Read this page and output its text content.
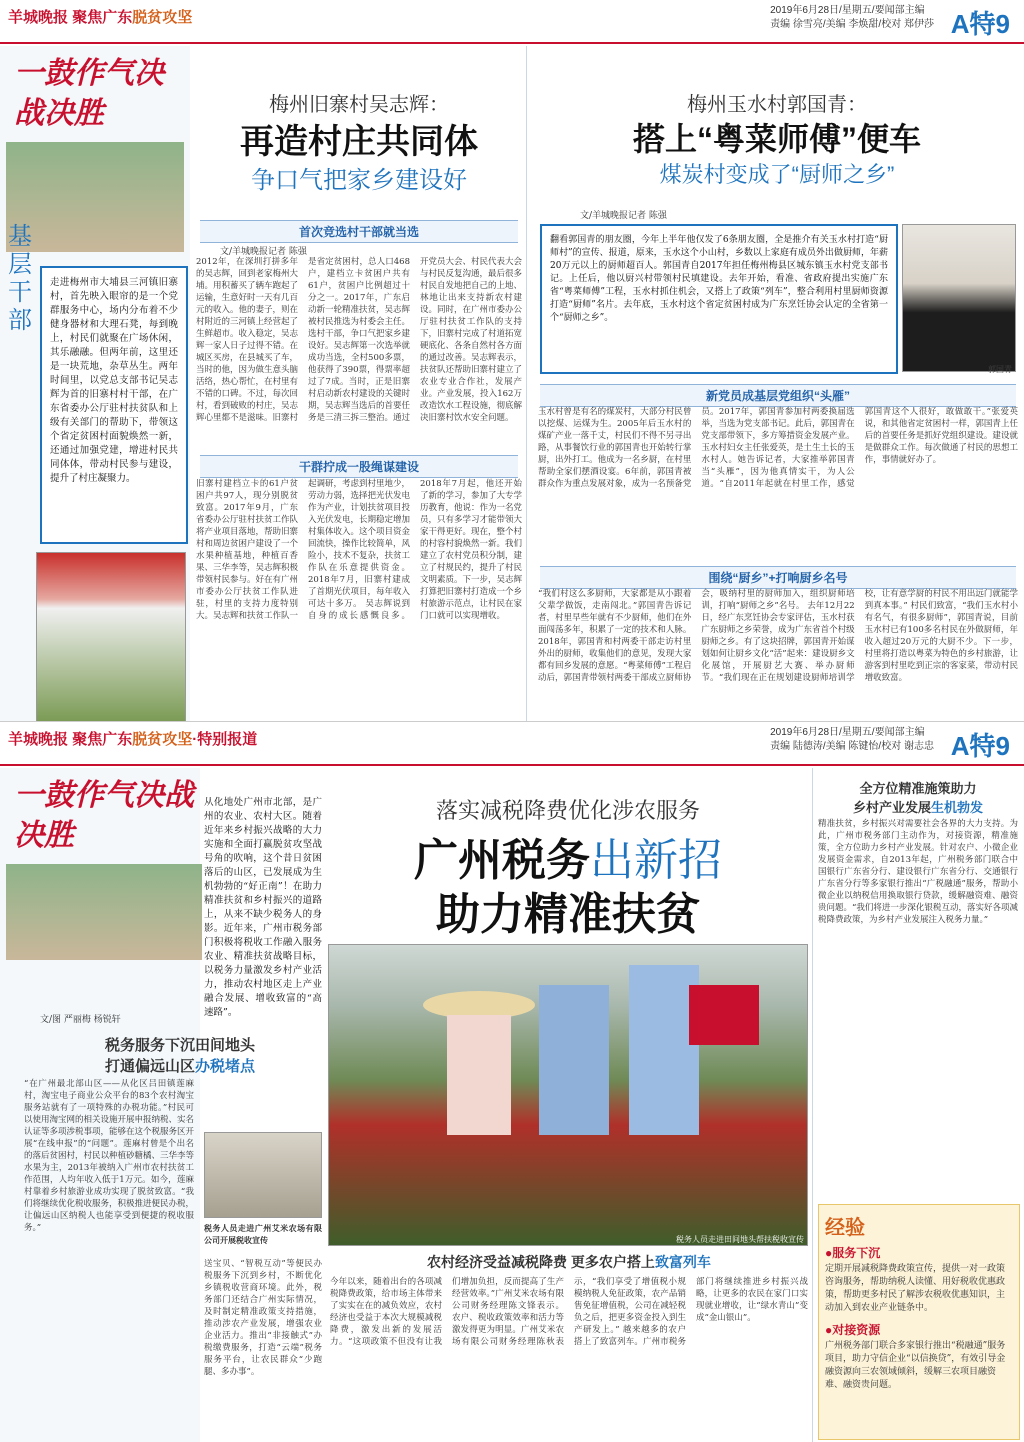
羊城晚报 聚焦广东脱贫攻坚	2019年6月28日/星期五/要闻部主编
责编 徐雪亮/美编 李焕甜/校对 郑伊莎 A特9
一鼓作气决战决胜
基层干部
走进梅州市大埔县三河镇旧寨村，首先映入眼帘的是一个党群服务中心，场内分布着不少健身器材和大理石凳，每到晚上，村民们就聚在广场休闲，其乐融融。但两年前，这里还是一块荒地，杂草丛生。两年时间里，以党总支部书记吴志辉为首的旧寨村村干部，在广东省委办公厅驻村扶贫队和上级有关部门的帮助下，带领这个省定贫困村面貌焕然一新，还通过加强党建，增进村民共同体体，带动村民参与建设，提升了村庄凝聚力。
梅州旧寨村吴志辉：
再造村庄共同体
争口气把家乡建设好
首次竞选村干部就当选
文/羊城晚报记者 陈强
2012年，在深圳打拼多年的吴志辉，回到老家梅州大埔。用积蓄买了辆车跑起了运输，生意好时一天有几百元的收入。他的妻子，则在村附近的三河镇上经营起了生鲜超市。收入稳定，吴志辉一家人日子过得不错。在城区买房，在县城买了车，当时的他，因为做生意头脑活络，热心帮忙，在村里有不错的口碑。不过，每次回村，看到破败的村庄，吴志辉心里都不是滋味。旧寨村是省定贫困村，总人口468户，建档立卡贫困户共有61户，贫困户比例超过十分之一。2017年，广东启动新一轮精准扶贫，吴志辉被村民推选为村委会主任。 选村干部，争口气把家乡建设好。吴志辉第一次选举就成功当选，全村500多票，他获得了390票，得票率超过了7成。当时，正是旧寨村启动新农村建设的关键时期，吴志辉当选后的首要任务是三清三拆三整治。通过开党员大会、村民代表大会与村民反复沟通，最后很多村民自发地把自己的上地、林地让出来支持新农村建设。同时，在广州市委办公厅驻村扶贫工作队的支持下，旧寨村完成了村道拓宽硬底化、各条自然村各方面的通过改善。吴志辉表示，扶贫队还帮助旧寨村建立了农业专业合作社，发展产业。产业发展，投入162万改造饮水工程设施，彻底解决旧寨村饮水安全问题。
干群拧成一股绳谋建设
旧寨村建档立卡的61户贫困户共97人，现分别脱贫致富。2017年9月，广东省委办公厅驻村扶贫工作队将产业项目落地，帮助旧寨村和周边贫困户建设了一个水果种植基地，种植百香果、三华李等，吴志辉积极带领村民参与。好在有广州市委办公厅扶贫工作队进驻，村里的支持力度特别大。吴志辉和扶贫工作队一起调研，考虑到村里地少，劳动力弱，选择把光伏发电作为产业，计划扶贫项目投入光伏发电，长期稳定增加村集体收入。这个项目资金回流快，操作比较简单，风险小，技术不复杂，扶贫工作队在乐意提供资金。2018年7月，旧寨村建成了首期光伏项目，每年收入可达十多万。 吴志辉说到自身的成长感慨良多。2018年7月起，他还开始了新的学习，参加了大专学历教育，他说：作为一名党员，只有多学习才能带领大家干得更好。现在，整个村的村容村貌焕然一新。我们建立了农村党员积分制，建立了村规民约，提升了村民文明素质。下一步，吴志辉打算把旧寨村打造成一个乡村旅游示范点，让村民在家门口就可以实现增收。
梅州玉水村郭国青：
搭上“粤菜师傅”便车
煤炭村变成了“厨师之乡”
文/羊城晚报记者 陈强
翻看郭国青的朋友圈，今年上半年他仅发了6条朋友圈，全是推介有关玉水村打造“厨师村”的宣传、报道，原来，玉水这个小山村，乡数以上家庭有成员外出做厨师，年薪20万元以上的厨师超百人。郭国青自2017年担任梅州梅县区城东镇玉水村党支部书记。上任后，他以厨兴村带领村民填建设。去年开始，看准、省政府提出实施广东省“粤菜师傅”工程，玉水村抓住机会，又搭上了政策“列车”，整合利用村里厨师资源打造“厨师”名片。去年底，玉水村这个省定贫困村成为广东烹饪协会认定的全省第一个“厨师之乡”。
郭国青
新党员成基层党组织“头雁”
玉水村曾是有名的煤炭村，大部分村民曾以挖煤、运煤为生。2005年后玉水村的煤矿产业一落千丈，村民们不得不另寻出路，从事餐饮行业的郭国青也开始转行掌厨，出外打工。他成为一名乡厨，在村里帮助全家们摆酒设宴。6年前，郭国青被群众作为重点发展对象，成为一名预备党员。2017年，郭国青参加村两委换届选举，当选为党支部书记。此后，郭国青在党支部带领下，多方筹措资金发展产业。 玉水村妇女主任张爱英，是土生土长的玉水村人。她告诉记者，大家推举郭国青当“头雁”，因为他真情实干，为人公道。“自2011年起就在村里工作，感觉郭国青这个人很好，敢做敢干。”张爱英说，和其他省定贫困村一样，郭国青上任后的首要任务是抓好党组织建设。建设就是做群众工作。每次做通了村民的思想工作，事情就好办了。
围绕“厨乡”+打响厨乡名号
“我们村这么多厨师，大家都是从小跟着父辈学做饭，走南闯北。”郭国青告诉记者，村里早些年就有不少厨师，他们在外面闯荡多年，积累了一定的技术和人脉。2018年，郭国青和村两委干部走访村里外出的厨师，收集他们的意见，发现大家都有回乡发展的意愿。“粤菜师傅”工程启动后，郭国青带领村两委干部成立厨师协会，吸纳村里的厨师加入，组织厨师培训，打响“厨师之乡”名号。 去年12月22日，经广东烹饪协会专家评估，玉水村获广东厨师之乡荣誉，成为广东省首个村级厨师之乡。有了这块招牌，郭国青开始谋划如何让厨乡文化“活”起来：建设厨乡文化展馆，开展厨艺大赛、举办厨师节。“我们现在正在规划建设厨师培训学校，让有意学厨的村民不用出远门就能学到真本事。” 村民们致富，“我们玉水村小有名气，有很多厨师”，郭国青说，目前玉水村已有100多名村民在外做厨师，年收入超过20万元的大厨不少。下一步，村里将打造以粤菜为特色的乡村旅游，让游客到村里吃到正宗的客家菜，带动村民增收致富。
羊城晚报 聚焦广东脱贫攻坚·特别报道	2019年6月28日/星期五/要闻部主编
责编 陆德涛/美编 陈键怡/校对 谢志忠 A特9
一鼓作气决战决胜
从化地处广州市北部，是广州的农业、农村大区。随着近年来乡村振兴战略的大力实施和全面打赢脱贫攻坚战号角的吹响，这个昔日贫困落后的山区，已发展成为生机勃勃的“好正南”！在助力精准扶贫和乡村振兴的道路上，从来不缺少税务人的身影。近年来，广州市税务部门积极将税收工作融入服务农业、精准扶贫战略目标，以税务力量激发乡村产业活力，推动农村地区走上产业融合发展、增收致富的“高速路”。
文/图 严丽梅 杨锐轩
税务服务下沉田间地头
打通偏远山区办税堵点
“在广州最北部山区——从化区吕田镇莲麻村，淘宝电子商业公众平台的83个农村淘宝服务站就有了一项特殊的办税功能。”村民可以使用淘宝网的相关设施开展申报纳税、实名认证等多项涉税事项，能够在这个税服务区开展“在线申报”的“问题”。莲麻村曾是个出名的落后贫困村，村民以种植砂糖橘、三华李等水果为主，2013年被纳入广州市农村扶贫工作范围，人均年收入低于1万元。如今，莲麻村靠着乡村旅游业成功实现了脱贫致富。“我们将继续优化税收服务，积极推进便民办税，让偏远山区纳税人也能享受到便捷的税收服务。”	税务人员走进广州艾米农场有限公司开展税收宣传
送宝贝、“智税互动”等便民办税服务下沉到乡村，不断优化乡镇税收营商环境。此外，税务部门还结合广州实际情况，及时制定精准政策支持措施，推动涉农产业发展，增强农业企业活力。推出“非接触式”办税缴费服务，打造“云端”税务服务平台，让农民群众“少跑腿、多办事”。
落实减税降费优化涉农服务
广州税务出新招
助力精准扶贫
税务人员走进田间地头帮扶税收宣传
农村经济受益减税降费 更多农户搭上致富列车
今年以来，随着出台的各项减税降费政策，给市场主体带来了实实在在的减负效应，农村经济也受益于本次大规模减税降费，激发出新的发展活力。“这项政策不但没有让我们增加负担，反而提高了生产经营效率。”广州艾米农场有限公司财务经理陈文锋表示。 农户、税收政策效率和活力等激发得更为明显。广州艾米农场有限公司财务经理陈秋表示，“我们享受了增值税小规模纳税人免征政策，农产品销售免征增值税，公司在减轻税负之后，把更多资金投入到生产研发上。” 越来越多的农户搭上了致富列车。广州市税务部门将继续推进乡村振兴战略，让更多的农民在家门口实现就业增收，让“绿水青山”变成“金山银山”。
全方位精准施策助力
乡村产业发展生机勃发
精准扶贫，乡村振兴对需要社会各界的大力支持。为此，广州市税务部门主动作为，对接资源，精准施策，全方位助力乡村产业发展。针对农户、小微企业发展资金需求，自2013年起，广州税务部门联合中国银行广东省分行、建设银行广东省分行、交通银行广东省分行等多家银行推出“广税融通”服务，帮助小微企业以纳税信用换取银行贷款，缓解融资难、融资贵问题。“我们将进一步深化银税互动，落实好各项减税降费政策，为乡村产业发展注入税务力量。”
经验
●服务下沉
定期开展减税降费政策宣传，提供一对一政策咨询服务，帮助纳税人读懂、用好税收优惠政策，帮助更多村民了解涉农税收优惠知识，主动加入到农业产业链条中。
●对接资源
广州税务部门联合多家银行推出“税融通”服务项目，助力守信企业“以信换贷”，有效引导金融资源向三农领域倾斜，缓解三农项目融资难、融资贵问题。
